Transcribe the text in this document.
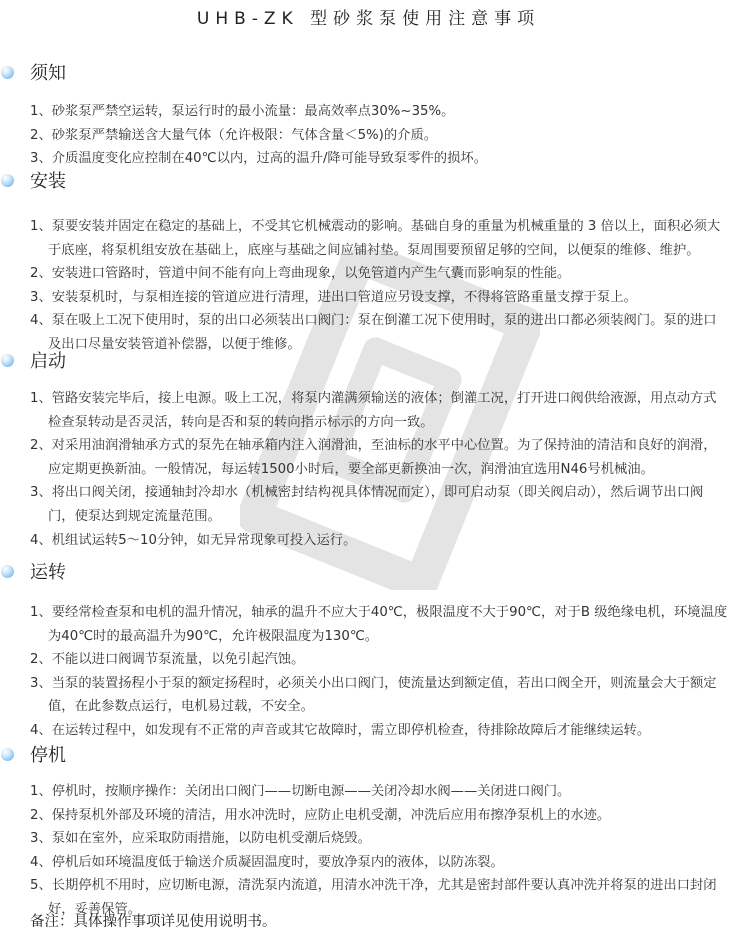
UHB-ZK 型砂浆泵使用注意事项
须知
1、砂浆泵严禁空运转，泵运行时的最小流量：最高效率点30%~35%。
2、砂浆泵严禁输送含大量气体（允许极限：气体含量＜5%)的介质。
3、介质温度变化应控制在40℃以内，过高的温升/降可能导致泵零件的损坏。
安装
1、泵要安装并固定在稳定的基础上，不受其它机械震动的影响。基础自身的重量为机械重量的 3 倍以上，面积必须大
于底座，将泵机组安放在基础上，底座与基础之间应铺衬垫。泵周围要预留足够的空间，以便泵的维修、维护。
2、安装进口管路时，管道中间不能有向上弯曲现象，以免管道内产生气囊而影响泵的性能。
3、安装泵机时，与泵相连接的管道应进行清理，进出口管道应另设支撑，不得将管路重量支撑于泵上。
4、泵在吸上工况下使用时，泵的出口必须装出口阀门：泵在倒灌工况下使用时，泵的进出口都必须装阀门。泵的进口
及出口尽量安装管道补偿器，以便于维修。
启动
1、管路安装完毕后，接上电源。吸上工况，将泵内灌满须输送的液体；倒灌工况，打开进口阀供给液源，用点动方式
检查泵转动是否灵活，转向是否和泵的转向指示标示的方向一致。
2、对采用油润滑轴承方式的泵先在轴承箱内注入润滑油，至油标的水平中心位置。为了保持油的清洁和良好的润滑，
应定期更换新油。一般情况，每运转1500小时后，要全部更新换油一次，润滑油宜选用N46号机械油。
3、将出口阀关闭，接通轴封冷却水（机械密封结构视具体情况而定），即可启动泵（即关阀启动），然后调节出口阀
门，使泵达到规定流量范围。
4、机组试运转5～10分钟，如无异常现象可投入运行。
运转
1、要经常检查泵和电机的温升情况，轴承的温升不应大于40℃，极限温度不大于90℃，对于B 级绝缘电机，环境温度
为40℃时的最高温升为90℃，允许极限温度为130℃。
2、不能以进口阀调节泵流量，以免引起汽蚀。
3、当泵的装置扬程小于泵的额定扬程时，必须关小出口阀门，使流量达到额定值，若出口阀全开，则流量会大于额定
值，在此参数点运行，电机易过载，不安全。
4、在运转过程中，如发现有不正常的声音或其它故障时，需立即停机检查，待排除故障后才能继续运转。
停机
1、停机时，按顺序操作：关闭出口阀门——切断电源——关闭冷却水阀——关闭进口阀门。
2、保持泵机外部及环境的清洁，用水冲洗时，应防止电机受潮，冲洗后应用布擦净泵机上的水迹。
3、泵如在室外，应采取防雨措施，以防电机受潮后烧毁。
4、停机后如环境温度低于输送介质凝固温度时，要放净泵内的液体，以防冻裂。
5、长期停机不用时，应切断电源，清洗泵内流道，用清水冲洗干净，尤其是密封部件要认真冲洗并将泵的进出口封闭
好，妥善保管。
备注：具体操作事项详见使用说明书。
